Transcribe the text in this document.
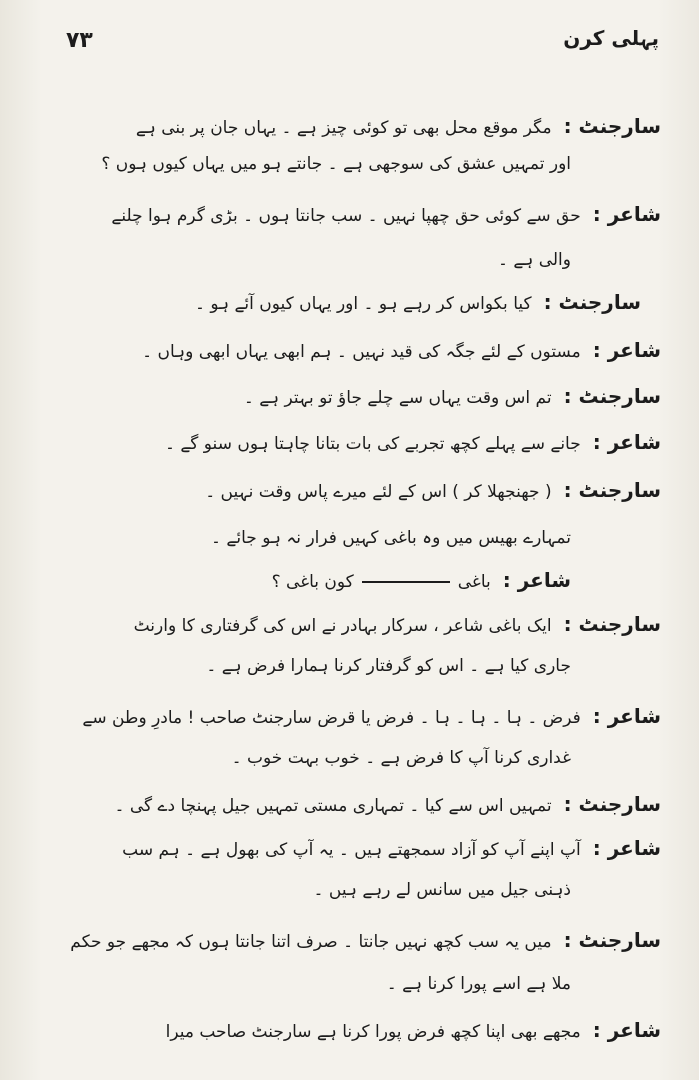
۷۳	پہلی کرن
سارجنٹ :مگر موقع محل بھی تو کوئی چیز ہے ۔ یہاں جان پر بنی ہے
اور تمہیں عشق کی سوجھی ہے ۔ جانتے ہو میں یہاں کیوں ہوں ؟
شاعر :حق سے کوئی حق چھپا نہیں ۔ سب جانتا ہوں ۔ بڑی گرم ہوا چلنے
والی ہے ۔
سارجنٹ :کیا بکواس کر رہے ہو ۔ اور یہاں کیوں آئے ہو ۔
شاعر :مستوں کے لئے جگہ کی قید نہیں ۔ ہم ابھی یہاں ابھی وہاں ۔
سارجنٹ :تم اس وقت یہاں سے چلے جاؤ تو بہتر ہے ۔
شاعر :جانے سے پہلے کچھ تجربے کی بات بتانا چاہتا ہوں سنو گے ۔
سارجنٹ :( جھنجھلا کر ) اس کے لئے میرے پاس وقت نہیں ۔
تمہارے بھیس میں وہ باغی کہیں فرار نہ ہو جائے ۔
شاعر :باغیکون باغی ؟
سارجنٹ :ایک باغی شاعر ، سرکار بہادر نے اس کی گرفتاری کا وارنٹ
جاری کیا ہے ۔ اس کو گرفتار کرنا ہمارا فرض ہے ۔
شاعر :فرض ۔ ہا ۔ ہا ۔ ہا ۔ فرض یا قرض سارجنٹ صاحب ! مادرِ وطن سے
غداری کرنا آپ کا فرض ہے ۔ خوب بہت خوب ۔
سارجنٹ :تمہیں اس سے کیا ۔ تمہاری مستی تمہیں جیل پہنچا دے گی ۔
شاعر :آپ اپنے آپ کو آزاد سمجھتے ہیں ۔ یہ آپ کی بھول ہے ۔ ہم سب
ذہنی جیل میں سانس لے رہے ہیں ۔
سارجنٹ :میں یہ سب کچھ نہیں جانتا ۔ صرف اتنا جانتا ہوں کہ مجھے جو حکم
ملا ہے اسے پورا کرنا ہے ۔
شاعر :مجھے بھی اپنا کچھ فرض پورا کرنا ہے سارجنٹ صاحب میرا
